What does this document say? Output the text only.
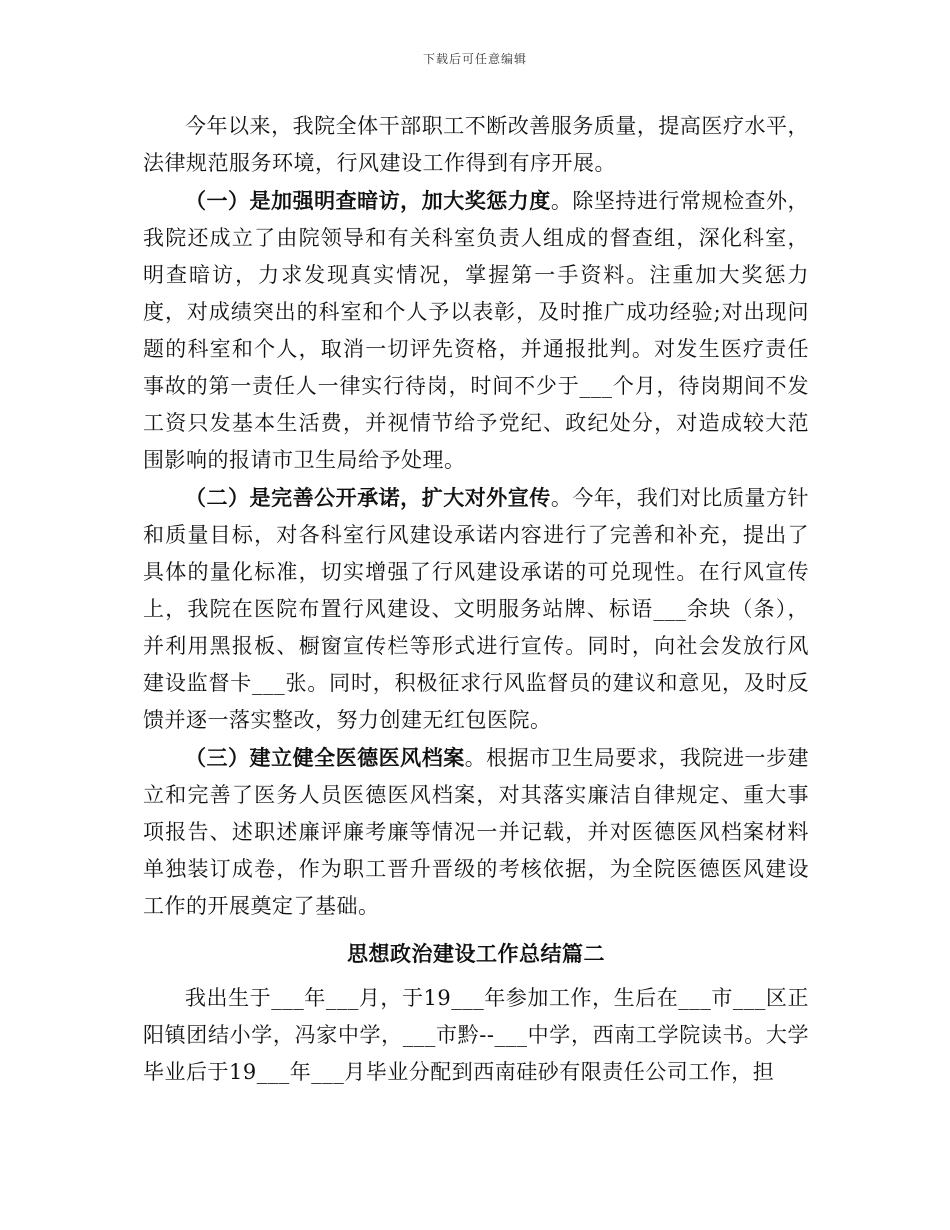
下载后可任意编辑

今年以来，我院全体干部职工不断改善服务质量，提高医疗水平，法律规范服务环境，行风建设工作得到有序开展。

（一）是加强明查暗访，加大奖惩力度。除坚持进行常规检查外，我院还成立了由院领导和有关科室负责人组成的督查组，深化科室，明查暗访，力求发现真实情况，掌握第一手资料。注重加大奖惩力度，对成绩突出的科室和个人予以表彰，及时推广成功经验;对出现问题的科室和个人，取消一切评先资格，并通报批判。对发生医疗责任事故的第一责任人一律实行待岗，时间不少于___个月，待岗期间不发工资只发基本生活费，并视情节给予党纪、政纪处分，对造成较大范围影响的报请市卫生局给予处理。

（二）是完善公开承诺，扩大对外宣传。今年，我们对比质量方针和质量目标，对各科室行风建设承诺内容进行了完善和补充，提出了具体的量化标准，切实增强了行风建设承诺的可兑现性。在行风宣传上，我院在医院布置行风建设、文明服务站牌、标语___余块（条），并利用黑报板、橱窗宣传栏等形式进行宣传。同时，向社会发放行风建设监督卡___张。同时，积极征求行风监督员的建议和意见，及时反馈并逐一落实整改，努力创建无红包医院。

（三）建立健全医德医风档案。根据市卫生局要求，我院进一步建立和完善了医务人员医德医风档案，对其落实廉洁自律规定、重大事项报告、述职述廉评廉考廉等情况一并记载，并对医德医风档案材料单独装订成卷，作为职工晋升晋级的考核依据，为全院医德医风建设工作的开展奠定了基础。

思想政治建设工作总结篇二

我出生于___年___月，于19___年参加工作，生后在___市___区正阳镇团结小学，冯家中学，___市黔--___中学，西南工学院读书。大学毕业后于19___年___月毕业分配到西南硅砂有限责任公司工作，担
